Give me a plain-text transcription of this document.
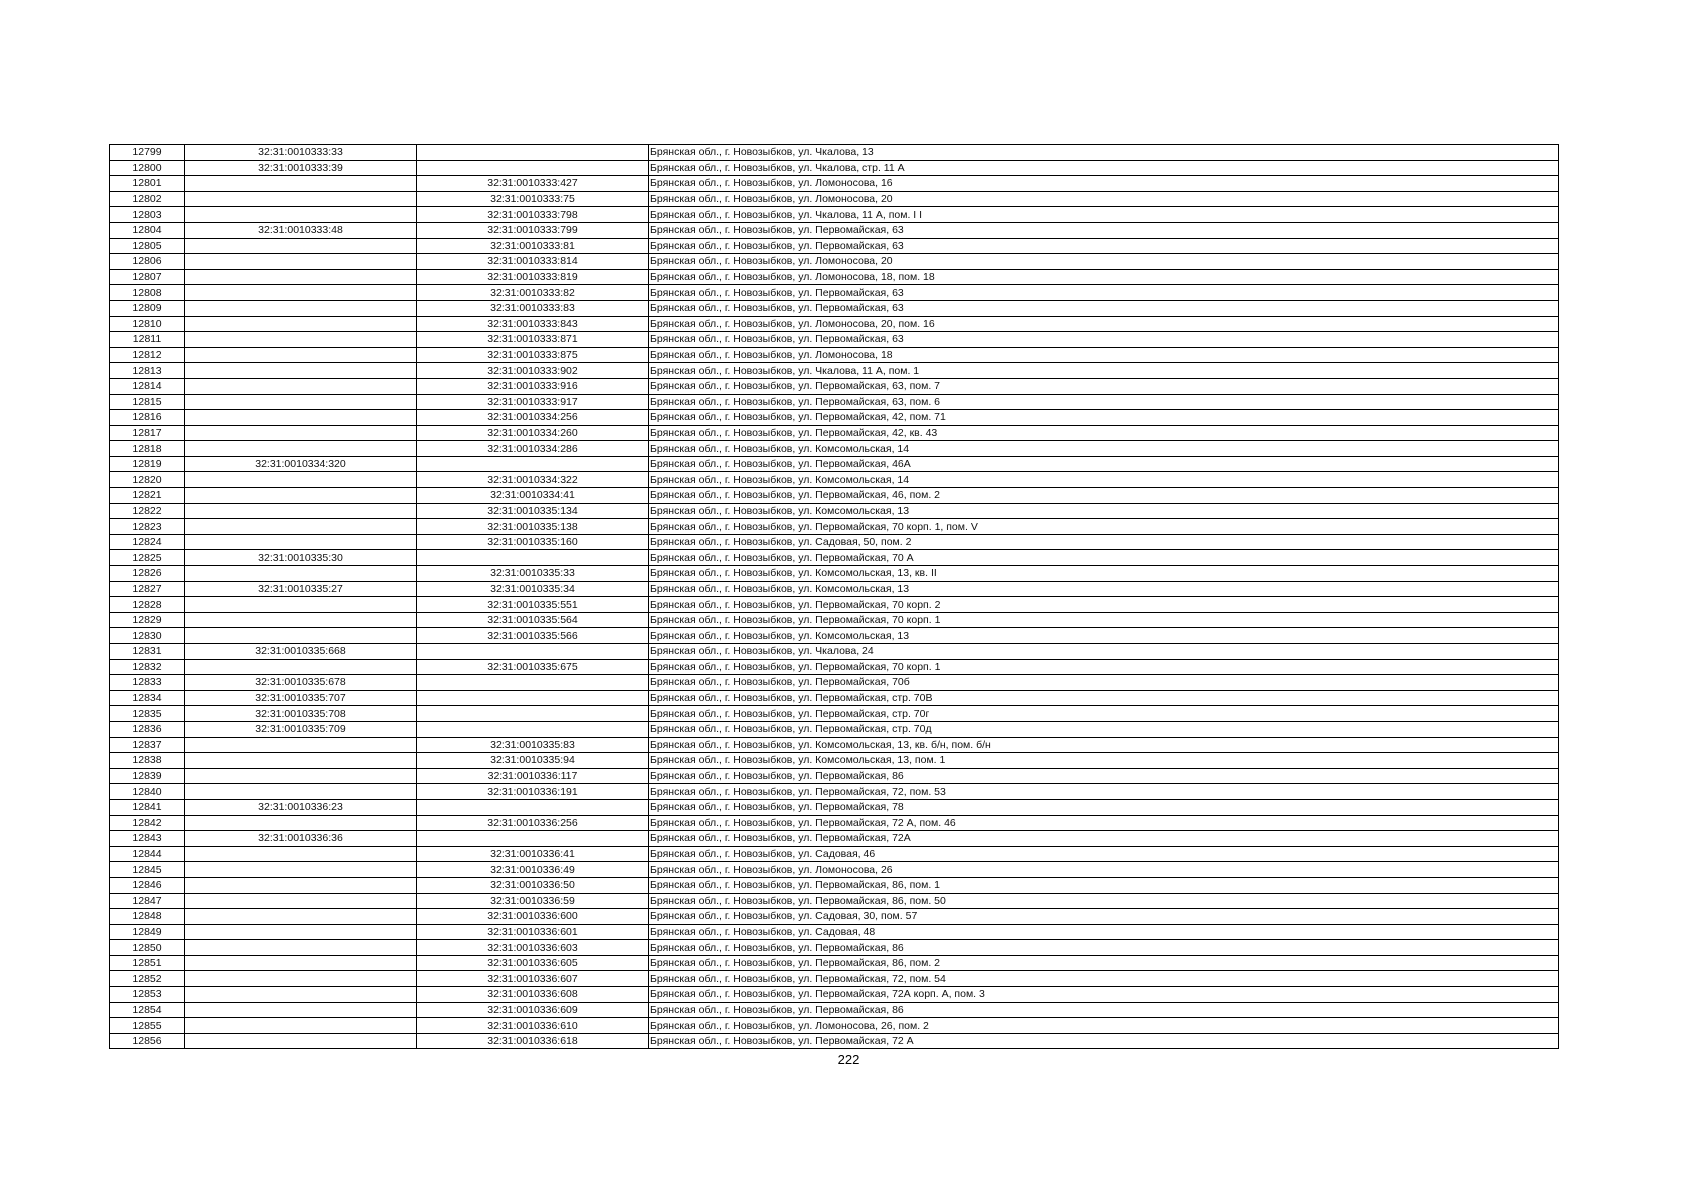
12799	32:31:0010333:33		Брянская обл., г. Новозыбков, ул. Чкалова, 13
12800	32:31:0010333:39		Брянская обл., г. Новозыбков, ул. Чкалова, стр. 11 А
12801		32:31:0010333:427	Брянская обл., г. Новозыбков, ул. Ломоносова, 16
12802		32:31:0010333:75	Брянская обл., г. Новозыбков, ул. Ломоносова, 20
12803		32:31:0010333:798	Брянская обл., г. Новозыбков, ул. Чкалова, 11 А, пом. I I
12804	32:31:0010333:48	32:31:0010333:799	Брянская обл., г. Новозыбков, ул. Первомайская, 63
12805		32:31:0010333:81	Брянская обл., г. Новозыбков, ул. Первомайская, 63
12806		32:31:0010333:814	Брянская обл., г. Новозыбков, ул. Ломоносова, 20
12807		32:31:0010333:819	Брянская обл., г. Новозыбков, ул. Ломоносова, 18, пом. 18
12808		32:31:0010333:82	Брянская обл., г. Новозыбков, ул. Первомайская, 63
12809		32:31:0010333:83	Брянская обл., г. Новозыбков, ул. Первомайская, 63
12810		32:31:0010333:843	Брянская обл., г. Новозыбков, ул. Ломоносова, 20, пом. 16
12811		32:31:0010333:871	Брянская обл., г. Новозыбков, ул. Первомайская, 63
12812		32:31:0010333:875	Брянская обл., г. Новозыбков, ул. Ломоносова, 18
12813		32:31:0010333:902	Брянская обл., г. Новозыбков, ул. Чкалова, 11 А, пом. 1
12814		32:31:0010333:916	Брянская обл., г. Новозыбков, ул. Первомайская, 63, пом. 7
12815		32:31:0010333:917	Брянская обл., г. Новозыбков, ул. Первомайская, 63, пом. 6
12816		32:31:0010334:256	Брянская обл., г. Новозыбков, ул. Первомайская, 42, пом. 71
12817		32:31:0010334:260	Брянская обл., г. Новозыбков, ул. Первомайская, 42, кв. 43
12818		32:31:0010334:286	Брянская обл., г. Новозыбков, ул. Комсомольская, 14
12819	32:31:0010334:320		Брянская обл., г. Новозыбков, ул. Первомайская, 46А
12820		32:31:0010334:322	Брянская обл., г. Новозыбков, ул. Комсомольская, 14
12821		32:31:0010334:41	Брянская обл., г. Новозыбков, ул. Первомайская, 46, пом. 2
12822		32:31:0010335:134	Брянская обл., г. Новозыбков, ул. Комсомольская, 13
12823		32:31:0010335:138	Брянская обл., г. Новозыбков, ул. Первомайская, 70 корп. 1, пом. V
12824		32:31:0010335:160	Брянская обл., г. Новозыбков, ул. Садовая, 50, пом. 2
12825	32:31:0010335:30		Брянская обл., г. Новозыбков, ул. Первомайская, 70 А
12826		32:31:0010335:33	Брянская обл., г. Новозыбков, ул. Комсомольская, 13, кв. II
12827	32:31:0010335:27	32:31:0010335:34	Брянская обл., г. Новозыбков, ул. Комсомольская, 13
12828		32:31:0010335:551	Брянская обл., г. Новозыбков, ул. Первомайская, 70 корп. 2
12829		32:31:0010335:564	Брянская обл., г. Новозыбков, ул. Первомайская, 70 корп. 1
12830		32:31:0010335:566	Брянская обл., г. Новозыбков, ул. Комсомольская, 13
12831	32:31:0010335:668		Брянская обл., г. Новозыбков, ул. Чкалова, 24
12832		32:31:0010335:675	Брянская обл., г. Новозыбков, ул. Первомайская, 70 корп. 1
12833	32:31:0010335:678		Брянская обл., г. Новозыбков, ул. Первомайская, 70б
12834	32:31:0010335:707		Брянская обл., г. Новозыбков, ул. Первомайская, стр. 70В
12835	32:31:0010335:708		Брянская обл., г. Новозыбков, ул. Первомайская, стр. 70г
12836	32:31:0010335:709		Брянская обл., г. Новозыбков, ул. Первомайская, стр. 70д
12837		32:31:0010335:83	Брянская обл., г. Новозыбков, ул. Комсомольская, 13, кв. б/н, пом. б/н
12838		32:31:0010335:94	Брянская обл., г. Новозыбков, ул. Комсомольская, 13, пом. 1
12839		32:31:0010336:117	Брянская обл., г. Новозыбков, ул. Первомайская, 86
12840		32:31:0010336:191	Брянская обл., г. Новозыбков, ул. Первомайская, 72, пом. 53
12841	32:31:0010336:23		Брянская обл., г. Новозыбков, ул. Первомайская, 78
12842		32:31:0010336:256	Брянская обл., г. Новозыбков, ул. Первомайская, 72 А, пом. 46
12843	32:31:0010336:36		Брянская обл., г. Новозыбков, ул. Первомайская, 72А
12844		32:31:0010336:41	Брянская обл., г. Новозыбков, ул. Садовая, 46
12845		32:31:0010336:49	Брянская обл., г. Новозыбков, ул. Ломоносова, 26
12846		32:31:0010336:50	Брянская обл., г. Новозыбков, ул. Первомайская, 86, пом. 1
12847		32:31:0010336:59	Брянская обл., г. Новозыбков, ул. Первомайская, 86, пом. 50
12848		32:31:0010336:600	Брянская обл., г. Новозыбков, ул. Садовая, 30, пом. 57
12849		32:31:0010336:601	Брянская обл., г. Новозыбков, ул. Садовая, 48
12850		32:31:0010336:603	Брянская обл., г. Новозыбков, ул. Первомайская, 86
12851		32:31:0010336:605	Брянская обл., г. Новозыбков, ул. Первомайская, 86, пом. 2
12852		32:31:0010336:607	Брянская обл., г. Новозыбков, ул. Первомайская, 72, пом. 54
12853		32:31:0010336:608	Брянская обл., г. Новозыбков, ул. Первомайская, 72А корп. А, пом. 3
12854		32:31:0010336:609	Брянская обл., г. Новозыбков, ул. Первомайская, 86
12855		32:31:0010336:610	Брянская обл., г. Новозыбков, ул. Ломоносова, 26, пом. 2
12856		32:31:0010336:618	Брянская обл., г. Новозыбков, ул. Первомайская, 72 А
222
